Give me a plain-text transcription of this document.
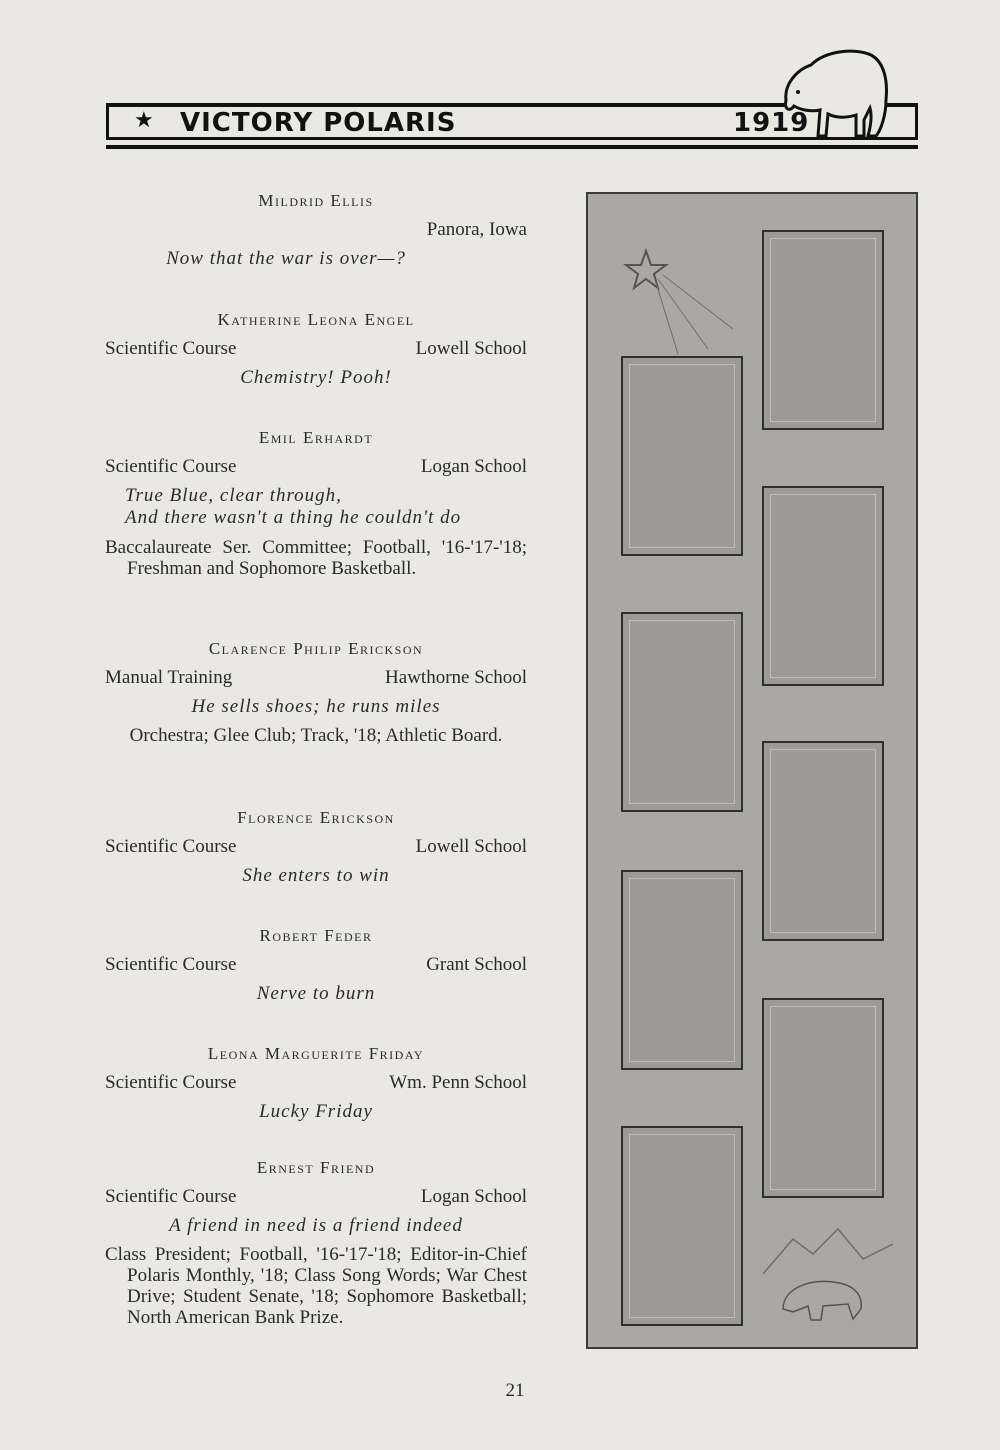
★ VICTORY POLARIS	1919
Mildrid Ellis
Panora, Iowa
Now that the war is over—?
Katherine Leona Engel
Scientific Course	Lowell School
Chemistry! Pooh!
Emil Erhardt
Scientific Course	Logan School
True Blue, clear through,
And there wasn't a thing he couldn't do
Baccalaureate Ser. Committee; Football, '16-'17-'18; Freshman and Sophomore Basketball.
Clarence Philip Erickson
Manual Training	Hawthorne School
He sells shoes; he runs miles
Orchestra; Glee Club; Track, '18; Athletic Board.
Florence Erickson
Scientific Course	Lowell School
She enters to win
Robert Feder
Scientific Course	Grant School
Nerve to burn
Leona Marguerite Friday
Scientific Course	Wm. Penn School
Lucky Friday
Ernest Friend
Scientific Course	Logan School
A friend in need is a friend indeed
Class President; Football, '16-'17-'18; Editor-in-Chief Polaris Monthly, '18; Class Song Words; War Chest Drive; Student Senate, '18; Sophomore Basketball; North American Bank Prize.
21
